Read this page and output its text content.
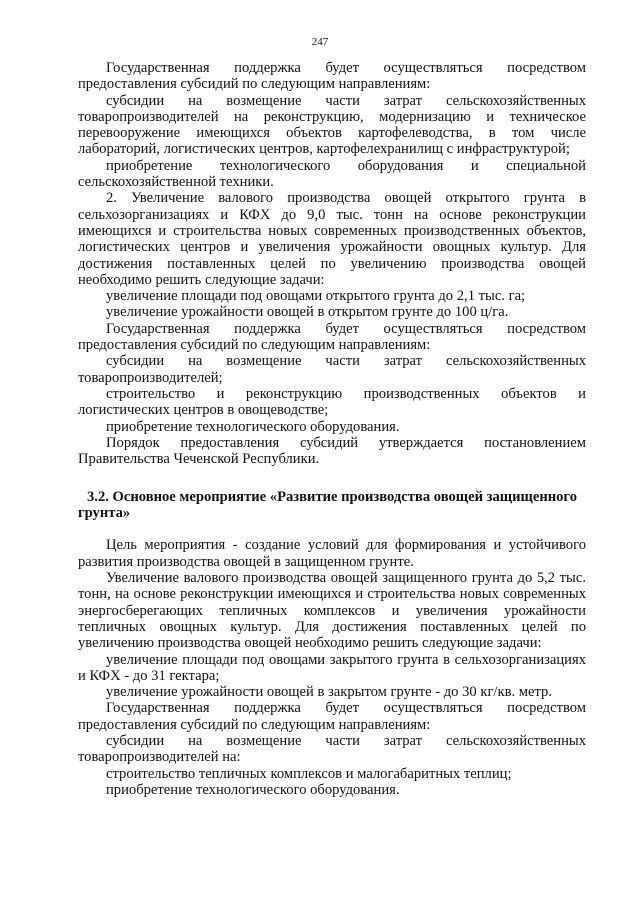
247

Государственная поддержка будет осуществляться посредством предоставления субсидий по следующим направлениям:

субсидии на возмещение части затрат сельскохозяйственных товаропроизводителей на реконструкцию, модернизацию и техническое перевооружение имеющихся объектов картофелеводства, в том числе лабораторий, логистических центров, картофелехранилищ с инфраструктурой;

приобретение технологического оборудования и специальной сельскохозяйственной техники.

2. Увеличение валового производства овощей открытого грунта в сельхозорганизациях и КФХ до 9,0 тыс. тонн на основе реконструкции имеющихся и строительства новых современных производственных объектов, логистических центров и увеличения урожайности овощных культур. Для достижения поставленных целей по увеличению производства овощей необходимо решить следующие задачи:

увеличение площади под овощами открытого грунта до 2,1 тыс. га;

увеличение урожайности овощей в открытом грунте до 100 ц/га.

Государственная поддержка будет осуществляться посредством предоставления субсидий по следующим направлениям:

субсидии на возмещение части затрат сельскохозяйственных товаропроизводителей;

строительство и реконструкцию производственных объектов и логистических центров в овощеводстве;

приобретение технологического оборудования.

Порядок предоставления субсидий утверждается постановлением Правительства Чеченской Республики.

3.2. Основное мероприятие «Развитие производства овощей защищенного грунта»

Цель мероприятия - создание условий для формирования и устойчивого развития производства овощей в защищенном грунте.

Увеличение валового производства овощей защищенного грунта до 5,2 тыс. тонн, на основе реконструкции имеющихся и строительства новых современных энергосберегающих тепличных комплексов и увеличения урожайности тепличных овощных культур. Для достижения поставленных целей по увеличению производства овощей необходимо решить следующие задачи:

увеличение площади под овощами закрытого грунта в сельхозорганизациях и КФХ - до 31 гектара;

увеличение урожайности овощей в закрытом грунте - до 30 кг/кв. метр.

Государственная поддержка будет осуществляться посредством предоставления субсидий по следующим направлениям:

субсидии на возмещение части затрат сельскохозяйственных товаропроизводителей на:

строительство тепличных комплексов и малогабаритных теплиц;

приобретение технологического оборудования.
